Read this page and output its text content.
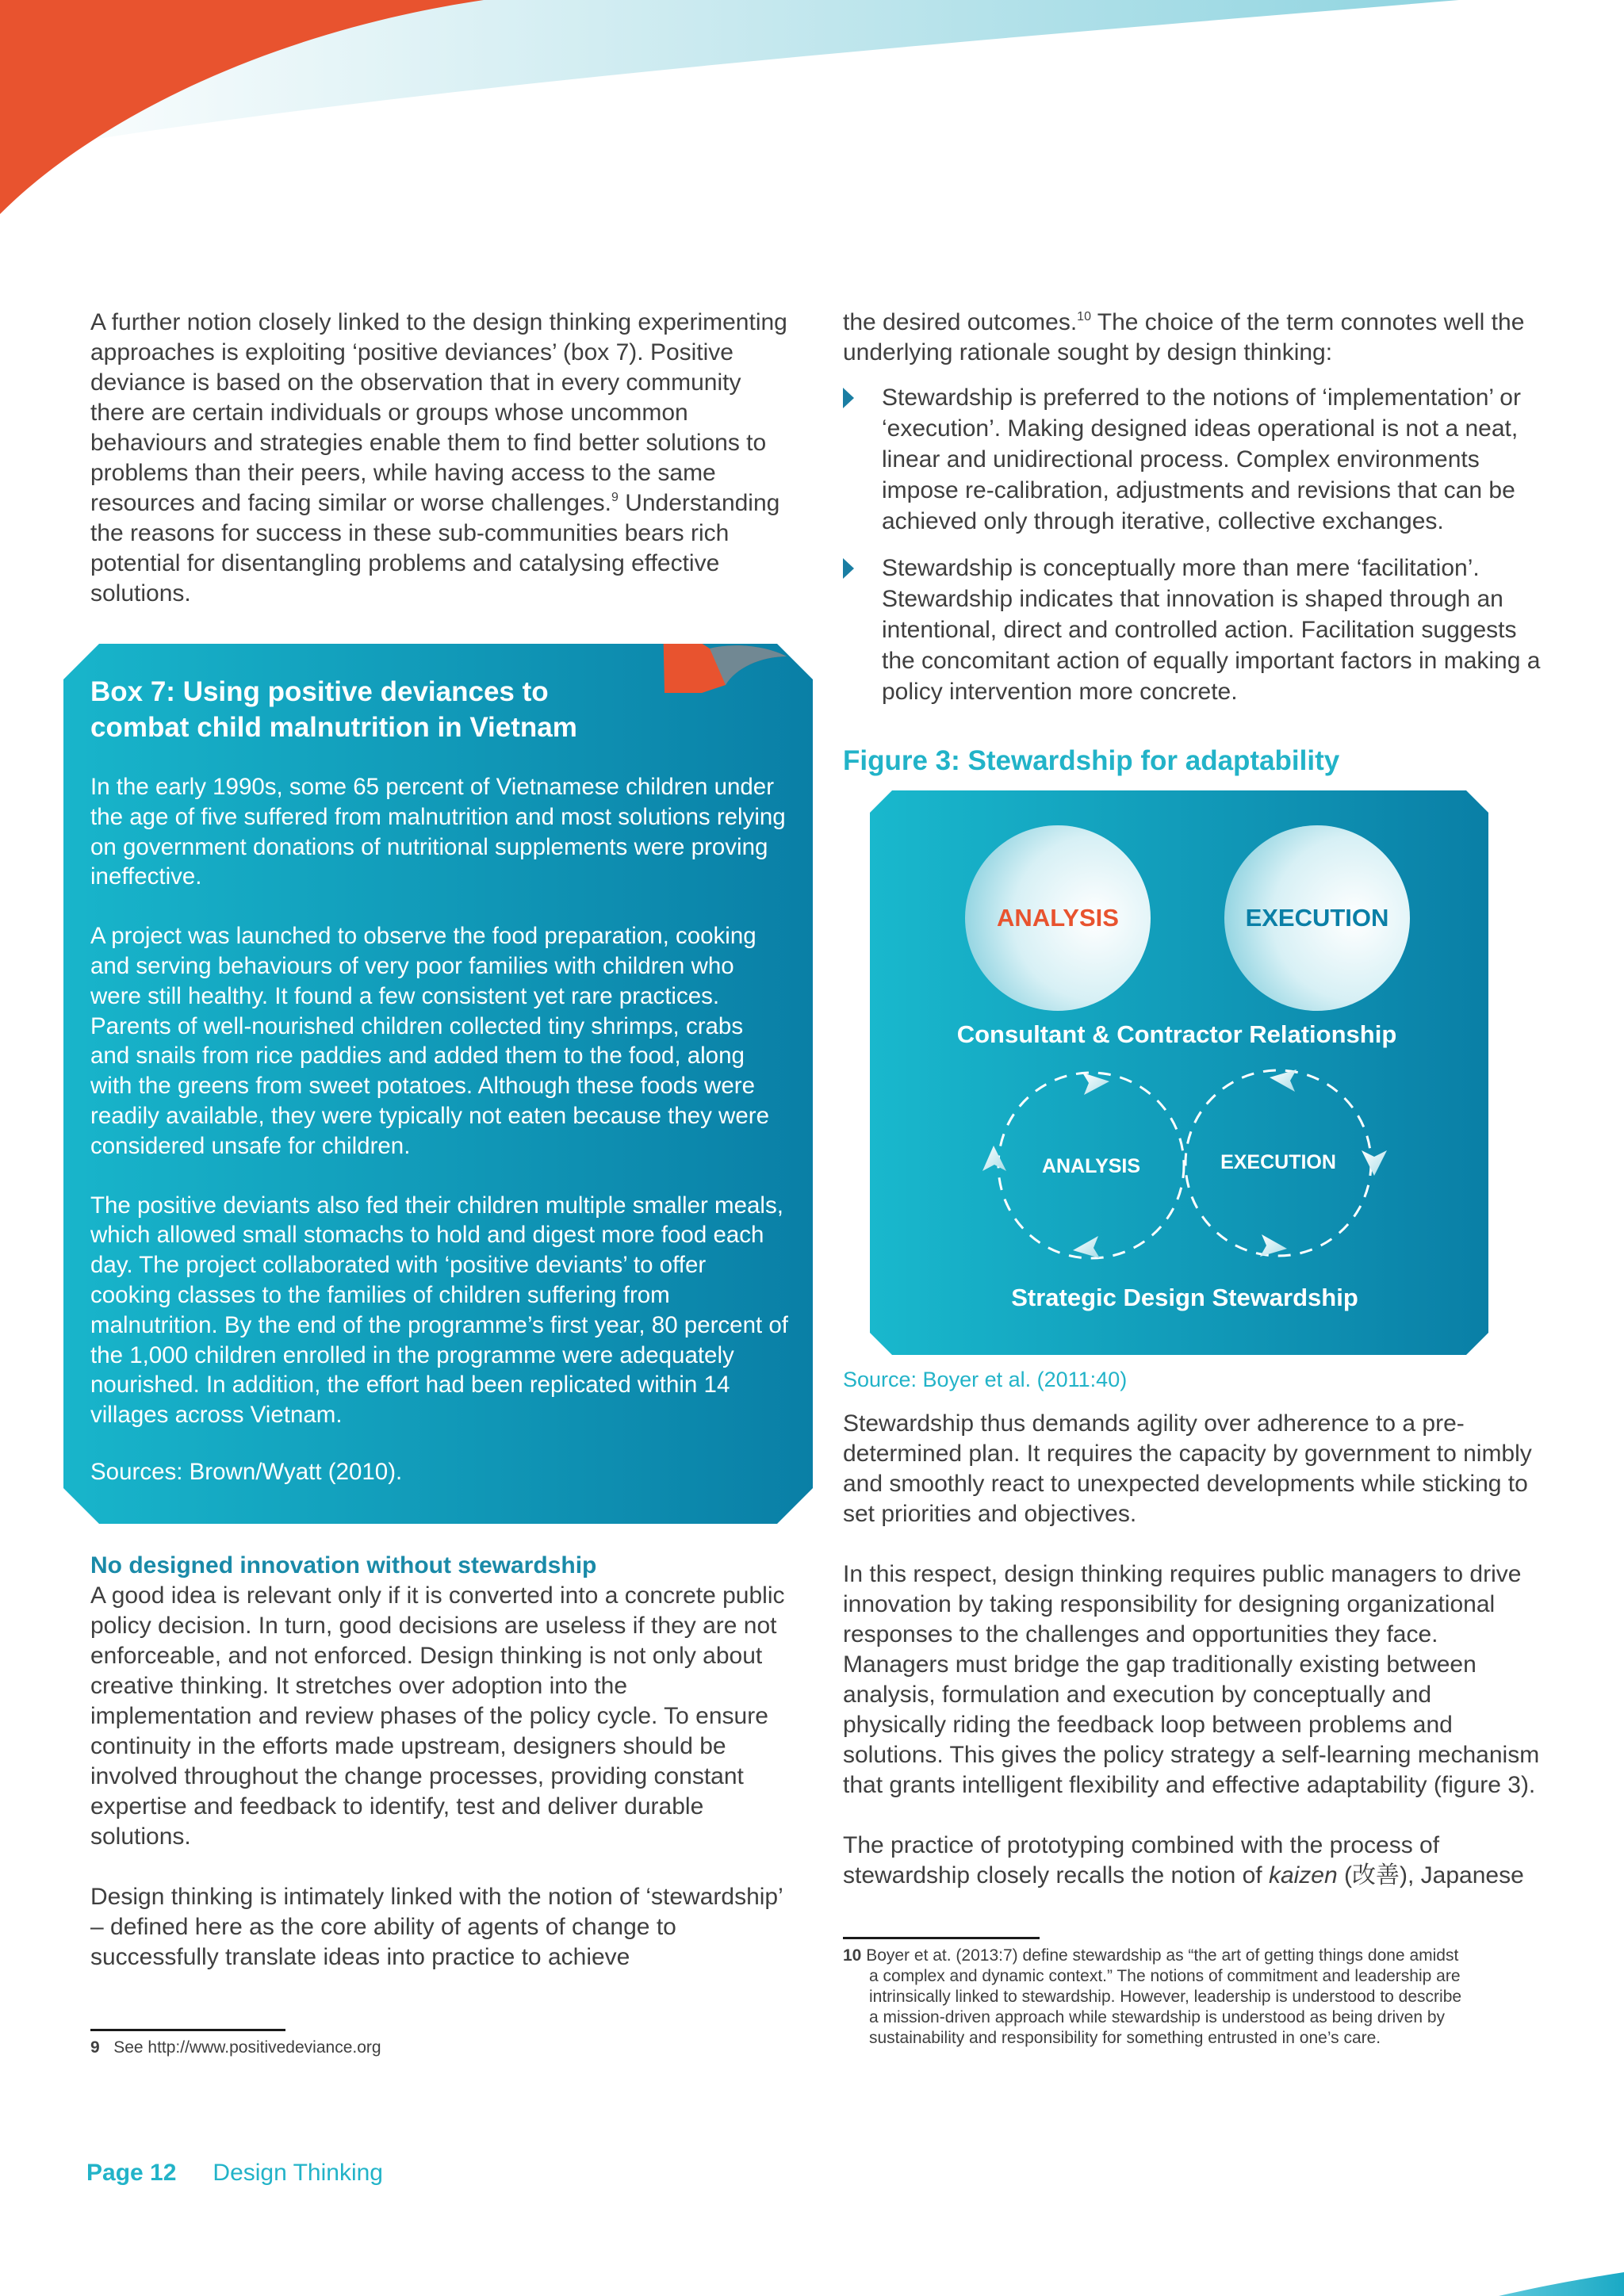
A further notion closely linked to the design thinking experimenting approaches is exploiting ‘positive deviances’ (box 7). Positive deviance is based on the observation that in every community there are certain individuals or groups whose uncommon behaviours and strategies enable them to find better solutions to problems than their peers, while having access to the same resources and facing similar or worse challenges.$^9$ Understanding the reasons for success in these sub-communities bears rich potential for disentangling problems and catalysing effective solutions.

Box 7: Using positive deviances to
combat child malnutrition in Vietnam

In the early 1990s, some 65 percent of Vietnamese children under the age of five suffered from malnutrition and most solutions relying on government donations of nutritional supplements were proving ineffective.

A project was launched to observe the food preparation, cooking and serving behaviours of very poor families with children who were still healthy. It found a few consistent yet rare practices. Parents of well-nourished children collected tiny shrimps, crabs and snails from rice paddies and added them to the food, along with the greens from sweet potatoes. Although these foods were readily available, they were typically not eaten because they were considered unsafe for children.

The positive deviants also fed their children multiple smaller meals, which allowed small stomachs to hold and digest more food each day. The project collaborated with ‘positive deviants’ to offer cooking classes to the families of children suffering from malnutrition. By the end of the programme’s first year, 80 percent of the 1,000 children enrolled in the programme were adequately nourished. In addition, the effort had been replicated within 14 villages across Vietnam.

Sources: Brown/Wyatt (2010).

No designed innovation without stewardship

A good idea is relevant only if it is converted into a concrete public policy decision. In turn, good decisions are useless if they are not enforceable, and not enforced. Design thinking is not only about creative thinking. It stretches over adoption into the implementation and review phases of the policy cycle. To ensure continuity in the efforts made upstream, designers should be involved throughout the change processes, providing constant expertise and feedback to identify, test and deliver durable solutions.

Design thinking is intimately linked with the notion of ‘stewardship’ – defined here as the core ability of agents of change to successfully translate ideas into practice to achieve

9 See http://www.positivedeviance.org

the desired outcomes.$^{10}$ The choice of the term connotes well the underlying rationale sought by design thinking:

Stewardship is preferred to the notions of ‘implementation’ or ‘execution’. Making designed ideas operational is not a neat, linear and unidirectional process. Complex environments impose re-calibration, adjustments and revisions that can be achieved only through iterative, collective exchanges.
Stewardship is conceptually more than mere ‘facilitation’. Stewardship indicates that innovation is shaped through an intentional, direct and controlled action. Facilitation suggests the concomitant action of equally important factors in making a policy intervention more concrete.

Figure 3: Stewardship for adaptability

ANALYSIS	EXECUTION
Consultant & Contractor Relationship
ANALYSIS	EXECUTION
Strategic Design Stewardship

Source: Boyer et al. (2011:40)

Stewardship thus demands agility over adherence to a pre-determined plan. It requires the capacity by government to nimbly and smoothly react to unexpected developments while sticking to set priorities and objectives.

In this respect, design thinking requires public managers to drive innovation by taking responsibility for designing organizational responses to the challenges and opportunities they face. Managers must bridge the gap traditionally existing between analysis, formulation and execution by conceptually and physically riding the feedback loop between problems and solutions. This gives the policy strategy a self-learning mechanism that grants intelligent flexibility and effective adaptability (figure 3).

The practice of prototyping combined with the process of stewardship closely recalls the notion of kaizen (改善), Japanese

10 Boyer et at. (2013:7) define stewardship as “the art of getting things done amidst
a complex and dynamic context.” The notions of commitment and leadership are
intrinsically linked to stewardship. However, leadership is understood to describe
a mission-driven approach while stewardship is understood as being driven by
sustainability and responsibility for something entrusted in one’s care.
Page 12 Design Thinking
